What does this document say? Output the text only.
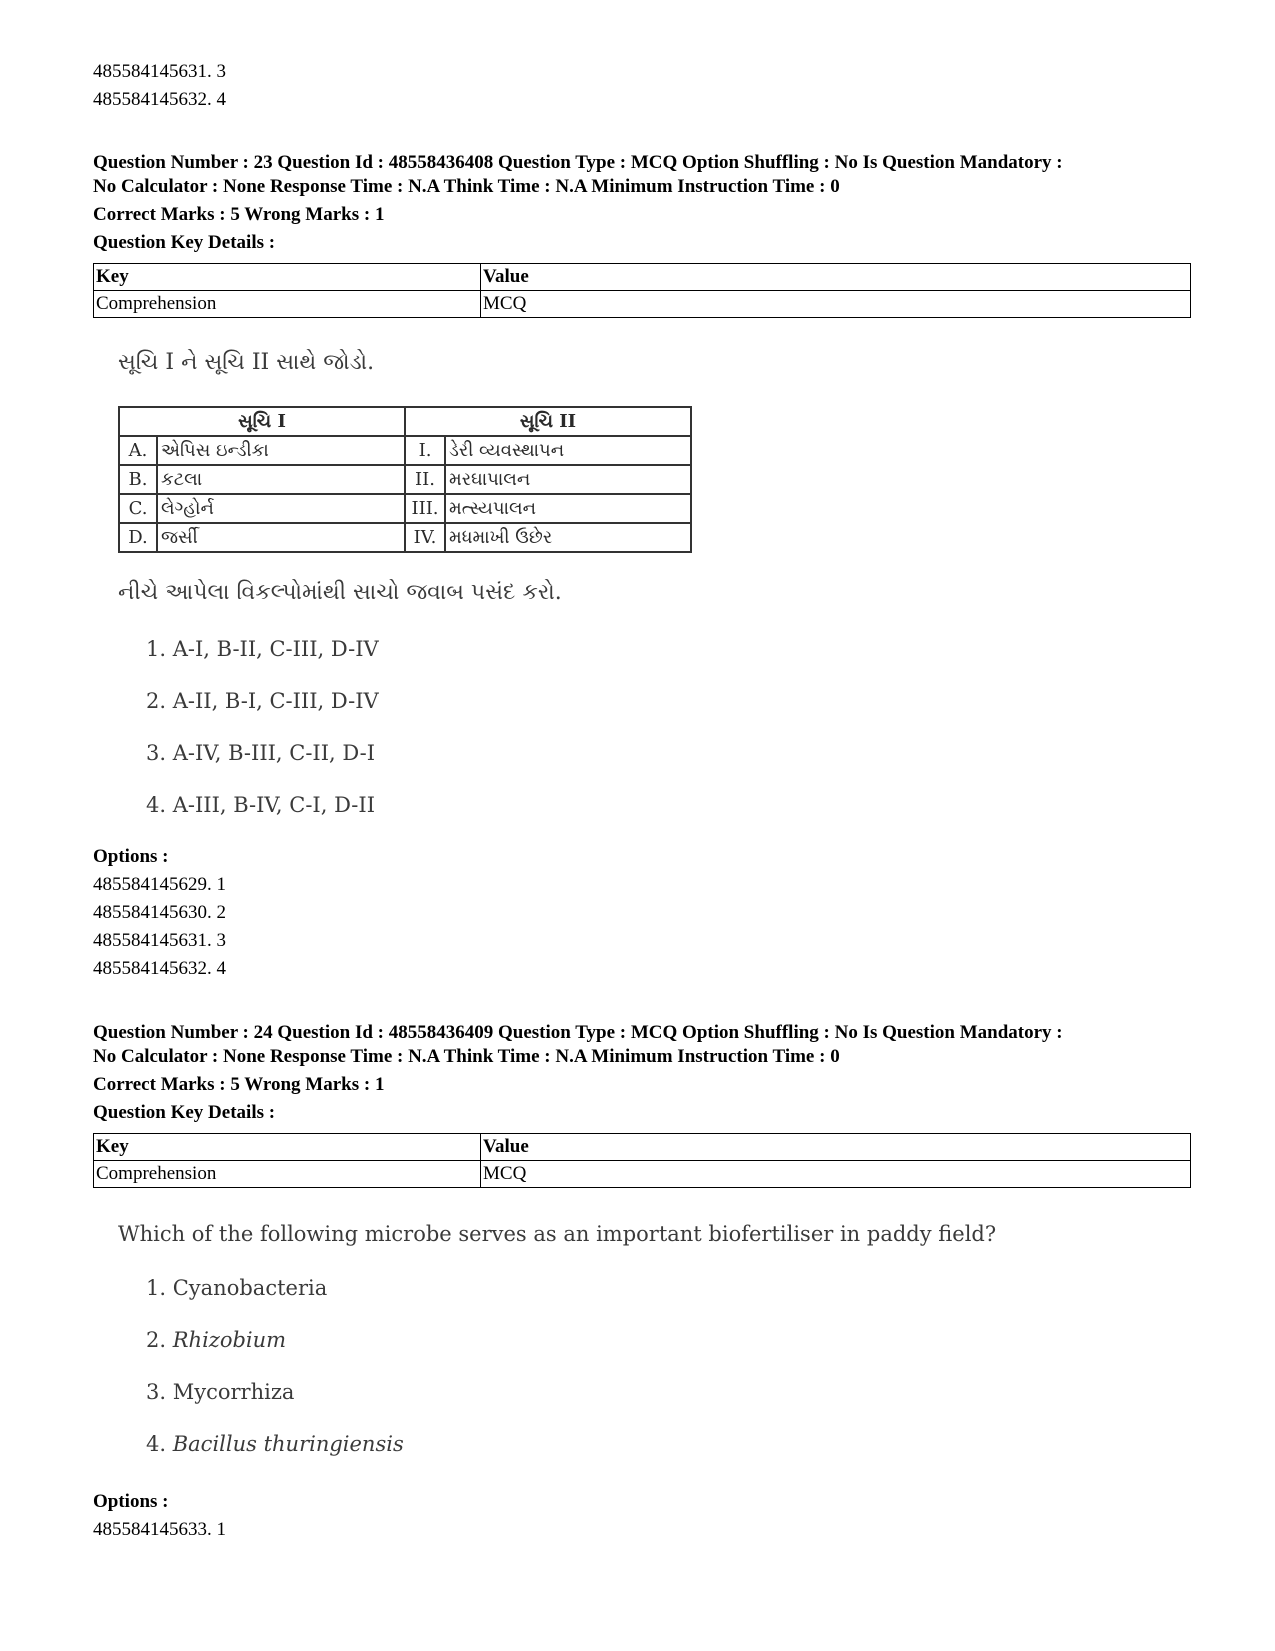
485584145631. 3
485584145632. 4
Question Number : 23 Question Id : 48558436408 Question Type : MCQ Option Shuffling : No Is Question Mandatory :
No Calculator : None Response Time : N.A Think Time : N.A Minimum Instruction Time : 0
Correct Marks : 5 Wrong Marks : 1
Question Key Details :
Key	Value
Comprehension	MCQ
સૂચિ I ને સૂચિ II સાથે જોડો.
સૂચિ I		સૂચિ II	
A.	એપિસ ઇન્ડીકા	I.	ડેરી વ્યવસ્થાપન
B.	કટલા	II.	મરઘાપાલન
C.	લેગ્હોર્ન	III.	મત્સ્યપાલન
D.	જર્સી	IV.	મધમાખી ઉછેર
નીચે આપેલા વિકલ્પોમાંથી સાચો જવાબ પસંદ કરો.
1. A-I, B-II, C-III, D-IV
2. A-II, B-I, C-III, D-IV
3. A-IV, B-III, C-II, D-I
4. A-III, B-IV, C-I, D-II
Options :
485584145629. 1
485584145630. 2
485584145631. 3
485584145632. 4
Question Number : 24 Question Id : 48558436409 Question Type : MCQ Option Shuffling : No Is Question Mandatory :
No Calculator : None Response Time : N.A Think Time : N.A Minimum Instruction Time : 0
Correct Marks : 5 Wrong Marks : 1
Question Key Details :
Key	Value
Comprehension	MCQ
Which of the following microbe serves as an important biofertiliser in paddy field?
1. Cyanobacteria
2. Rhizobium
3. Mycorrhiza
4. Bacillus thuringiensis
Options :
485584145633. 1
